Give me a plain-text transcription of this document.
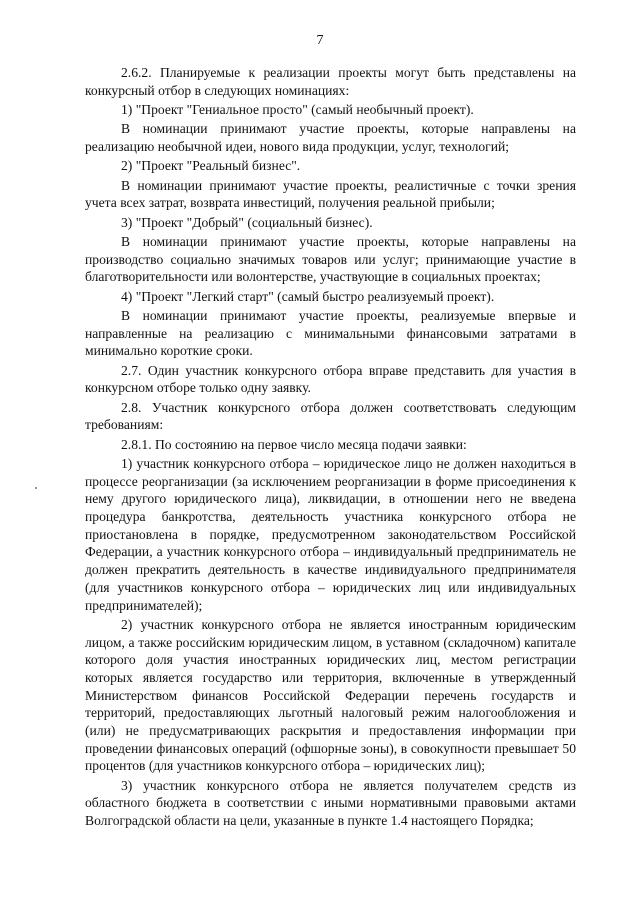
7

2.6.2. Планируемые к реализации проекты могут быть представлены на конкурсный отбор в следующих номинациях:

1) "Проект "Гениальное просто" (самый необычный проект).

В номинации принимают участие проекты, которые направлены на реализацию необычной идеи, нового вида продукции, услуг, технологий;

2) "Проект "Реальный бизнес".

В номинации принимают участие проекты, реалистичные с точки зрения учета всех затрат, возврата инвестиций, получения реальной прибыли;

3) "Проект "Добрый" (социальный бизнес).

В номинации принимают участие проекты, которые направлены на производство социально значимых товаров или услуг; принимающие участие в благотворительности или волонтерстве, участвующие в социальных проектах;

4) "Проект "Легкий старт" (самый быстро реализуемый проект).

В номинации принимают участие проекты, реализуемые впервые и направленные на реализацию с минимальными финансовыми затратами в минимально короткие сроки.

2.7. Один участник конкурсного отбора вправе представить для участия в конкурсном отборе только одну заявку.

2.8. Участник конкурсного отбора должен соответствовать следующим требованиям:

2.8.1. По состоянию на первое число месяца подачи заявки:

1) участник конкурсного отбора – юридическое лицо не должен находиться в процессе реорганизации (за исключением реорганизации в форме присоединения к нему другого юридического лица), ликвидации, в отношении него не введена процедура банкротства, деятельность участника конкурсного отбора не приостановлена в порядке, предусмотренном законодательством Российской Федерации, а участник конкурсного отбора – индивидуальный предприниматель не должен прекратить деятельность в качестве индивидуального предпринимателя (для участников конкурсного отбора – юридических лиц или индивидуальных предпринимателей);

2) участник конкурсного отбора не является иностранным юридическим лицом, а также российским юридическим лицом, в уставном (складочном) капитале которого доля участия иностранных юридических лиц, местом регистрации которых является государство или территория, включенные в утвержденный Министерством финансов Российской Федерации перечень государств и территорий, предоставляющих льготный налоговый режим налогообложения и (или) не предусматривающих раскрытия и предоставления информации при проведении финансовых операций (офшорные зоны), в совокупности превышает 50 процентов (для участников конкурсного отбора – юридических лиц);

3) участник конкурсного отбора не является получателем средств из областного бюджета в соответствии с иными нормативными правовыми актами Волгоградской области на цели, указанные в пункте 1.4 настоящего Порядка;
